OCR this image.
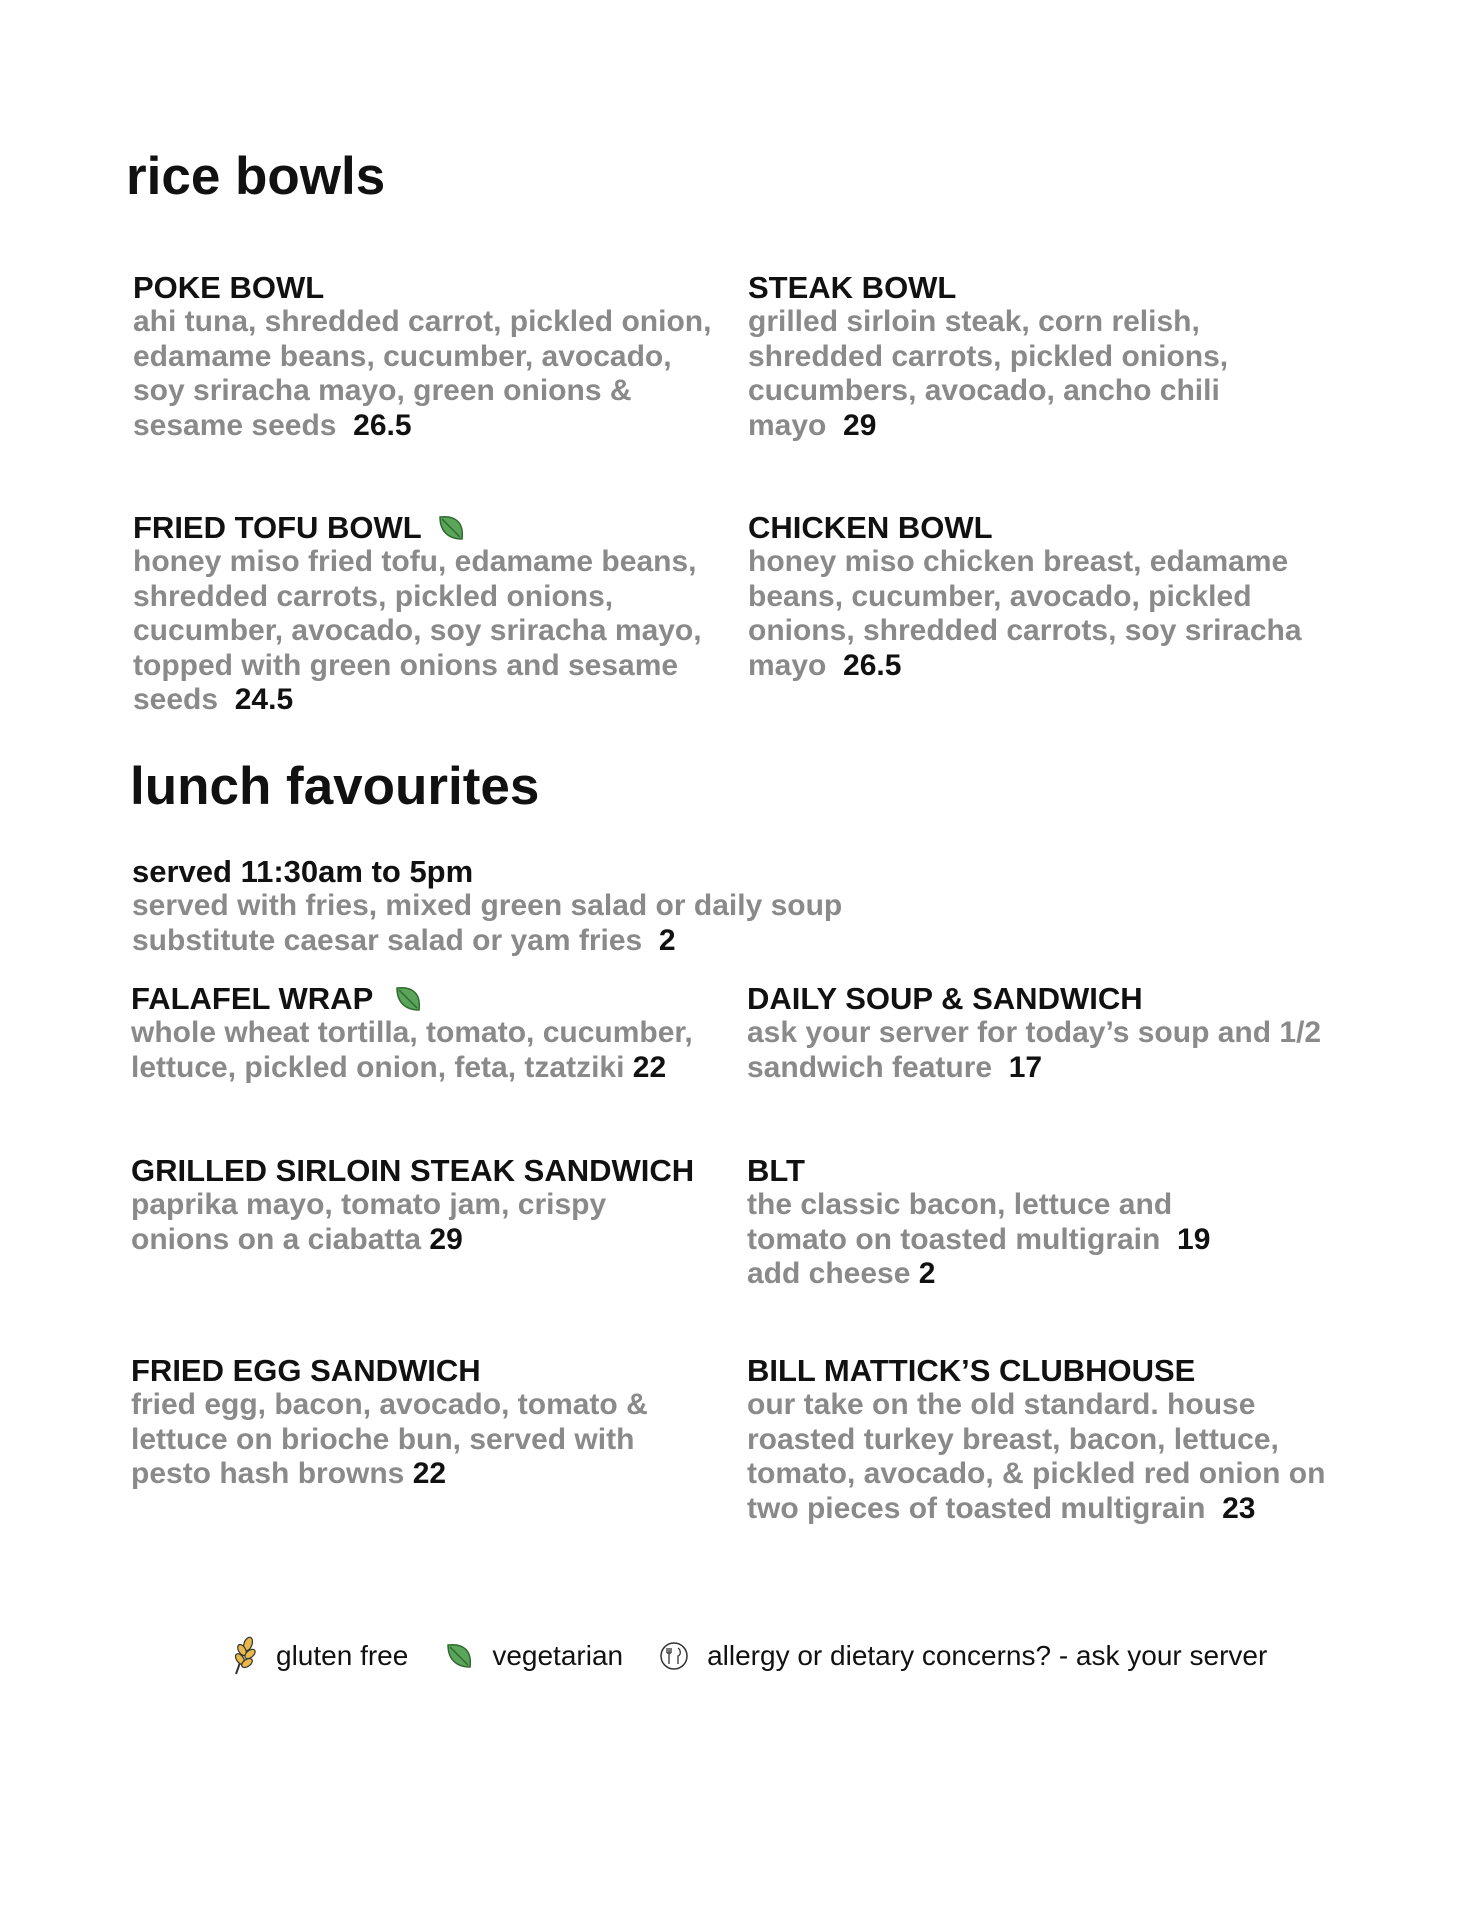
rice bowls
POKE BOWL
ahi tuna, shredded carrot, pickled onion, edamame beans, cucumber, avocado, soy sriracha mayo, green onions & sesame seeds 26.5
STEAK BOWL
grilled sirloin steak, corn relish, shredded carrots, pickled onions, cucumbers, avocado, ancho chili mayo 29
FRIED TOFU BOWL
honey miso fried tofu, edamame beans, shredded carrots, pickled onions, cucumber, avocado, soy sriracha mayo, topped with green onions and sesame seeds 24.5
CHICKEN BOWL
honey miso chicken breast, edamame beans, cucumber, avocado, pickled onions, shredded carrots, soy sriracha mayo 26.5
lunch favourites
served 11:30am to 5pm
served with fries, mixed green salad or daily soup
substitute caesar salad or yam fries 2
FALAFEL WRAP
whole wheat tortilla, tomato, cucumber, lettuce, pickled onion, feta, tzatziki 22
DAILY SOUP & SANDWICH
ask your server for today’s soup and 1/2 sandwich feature 17
GRILLED SIRLOIN STEAK SANDWICH
paprika mayo, tomato jam, crispy onions on a ciabatta 29
BLT
the classic bacon, lettuce and tomato on toasted multigrain 19
add cheese 2
FRIED EGG SANDWICH
fried egg, bacon, avocado, tomato & lettuce on brioche bun, served with pesto hash browns 22
BILL MATTICK’S CLUBHOUSE
our take on the old standard. house roasted turkey breast, bacon, lettuce, tomato, avocado, & pickled red onion on two pieces of toasted multigrain 23
gluten free	vegetarian	allergy or dietary concerns? - ask your server
